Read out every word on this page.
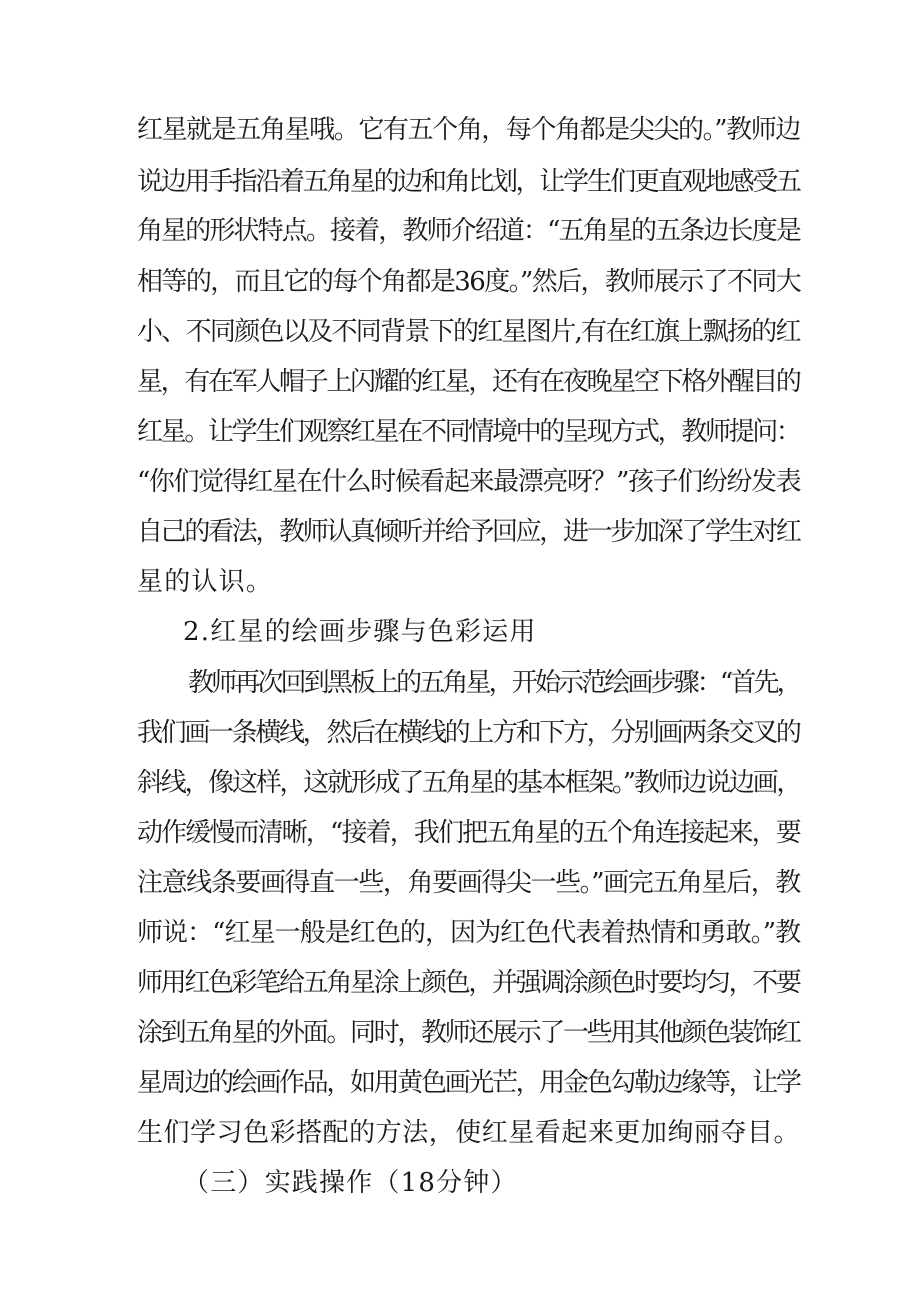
红星就是五角星哦。它有五个角，每个角都是尖尖的。”教师边
说边用手指沿着五角星的边和角比划，让学生们更直观地感受五
角星的形状特点。接着，教师介绍道：“五角星的五条边长度是
相等的，而且它的每个角都是36度。”然后，教师展示了不同大
小、不同颜色以及不同背景下的红星图片,有在红旗上飘扬的红
星，有在军人帽子上闪耀的红星，还有在夜晚星空下格外醒目的
红星。让学生们观察红星在不同情境中的呈现方式，教师提问：
“你们觉得红星在什么时候看起来最漂亮呀？”孩子们纷纷发表
自己的看法，教师认真倾听并给予回应，进一步加深了学生对红
星的认识。
2.红星的绘画步骤与色彩运用
教师再次回到黑板上的五角星，开始示范绘画步骤：“首先，
我们画一条横线，然后在横线的上方和下方，分别画两条交叉的
斜线，像这样，这就形成了五角星的基本框架。”教师边说边画，
动作缓慢而清晰，“接着，我们把五角星的五个角连接起来，要
注意线条要画得直一些，角要画得尖一些。”画完五角星后，教
师说：“红星一般是红色的，因为红色代表着热情和勇敢。”教
师用红色彩笔给五角星涂上颜色，并强调涂颜色时要均匀，不要
涂到五角星的外面。同时，教师还展示了一些用其他颜色装饰红
星周边的绘画作品，如用黄色画光芒，用金色勾勒边缘等，让学
生们学习色彩搭配的方法，使红星看起来更加绚丽夺目。
（三）实践操作（18分钟）
